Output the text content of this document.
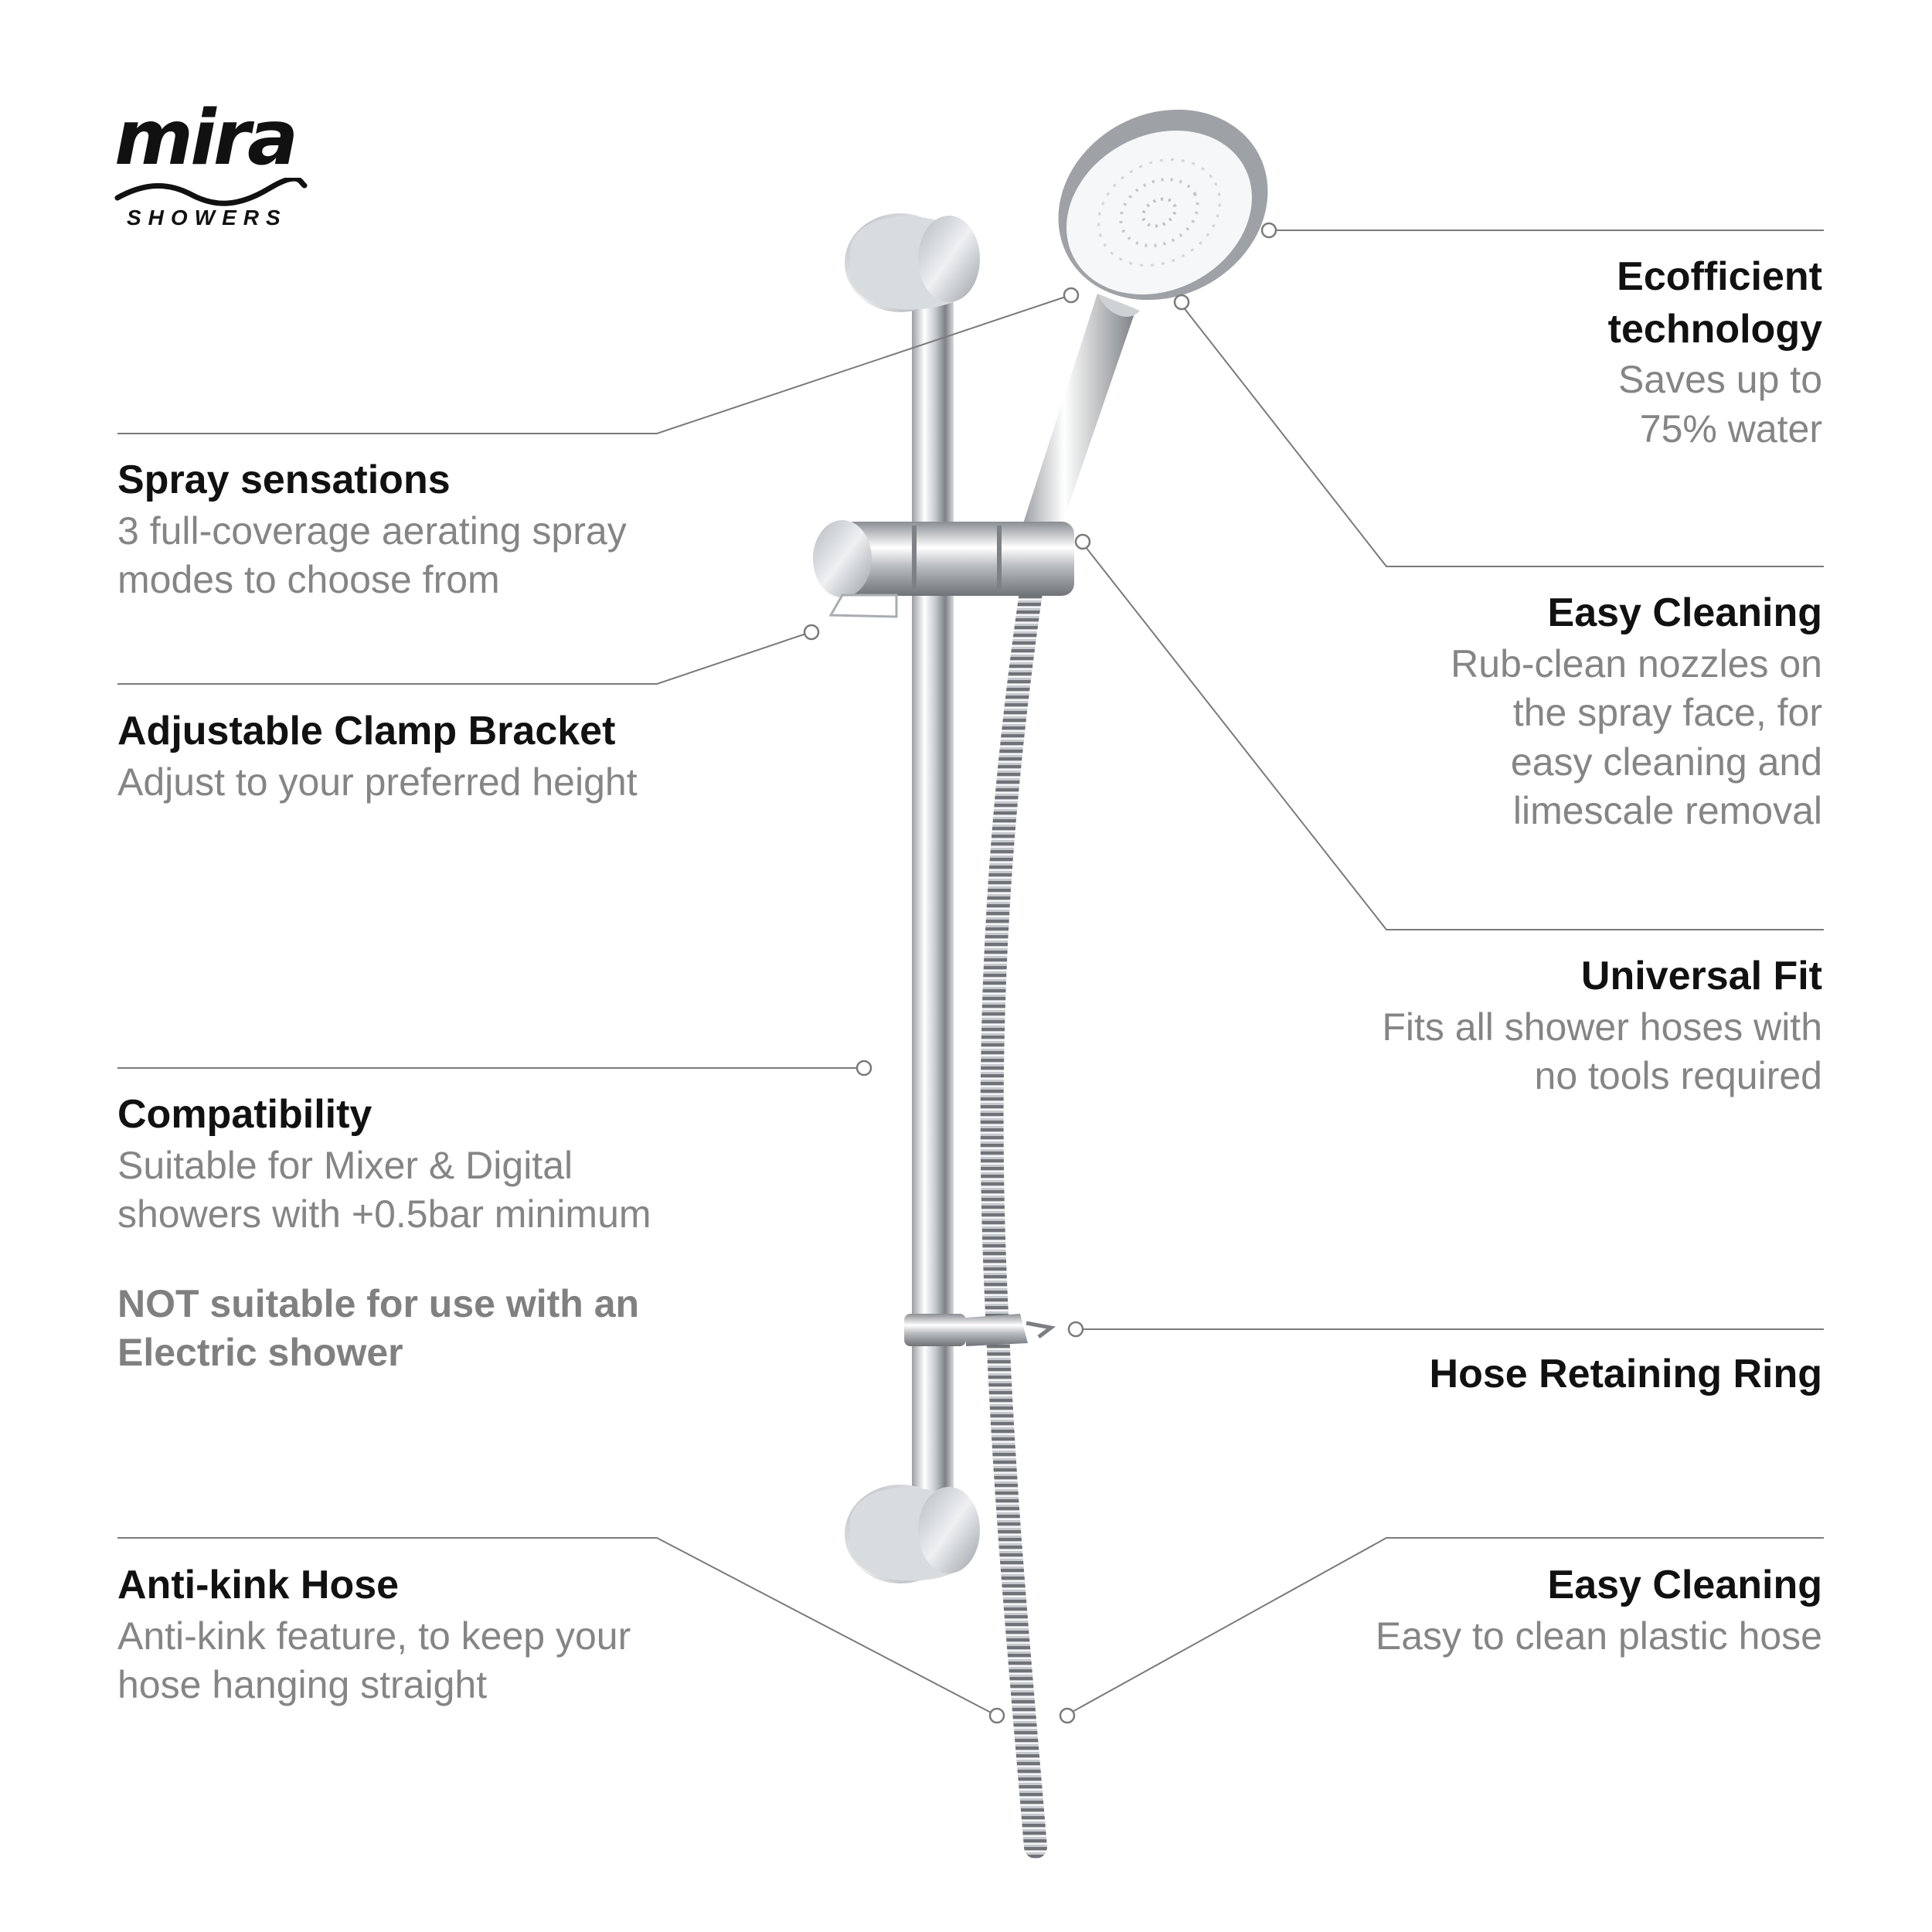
mira
SHOWERS
Spray sensations
3 full-coverage aerating spray
modes to choose from
Adjustable Clamp Bracket
Adjust to your preferred height
Compatibility
Suitable for Mixer & Digital
showers with +0.5bar minimum
NOT suitable for use with an
Electric shower
Anti-kink Hose
Anti-kink feature, to keep your
hose hanging straight
Ecofficient
technology
Saves up to
75% water
Easy Cleaning
Rub-clean nozzles on
the spray face, for
easy cleaning and
limescale removal
Universal Fit
Fits all shower hoses with
no tools required
Hose Retaining Ring
Easy Cleaning
Easy to clean plastic hose
